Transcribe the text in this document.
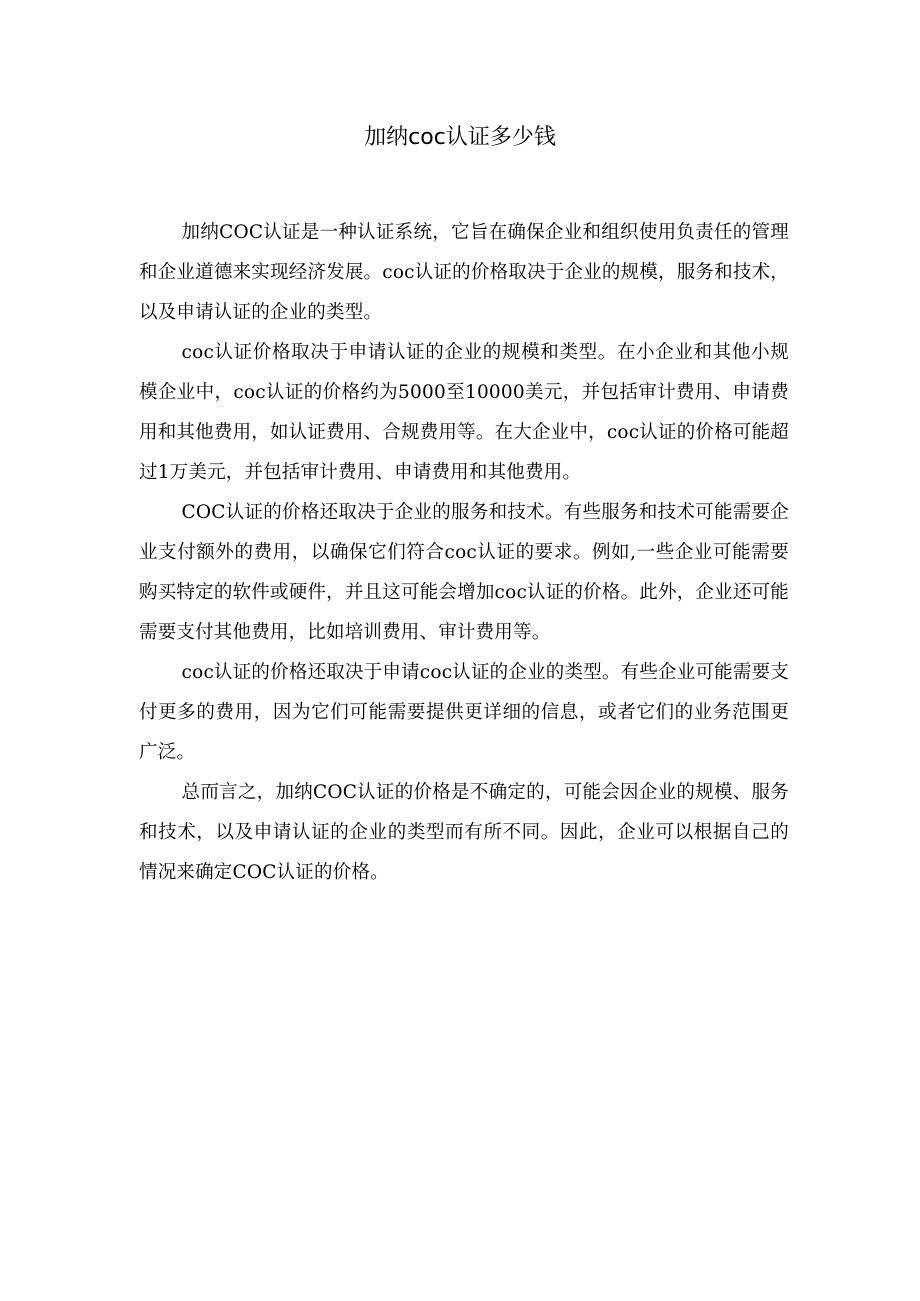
加纳coc认证多少钱

加纳COC认证是一种认证系统，它旨在确保企业和组织使用负责任的管理和企业道德来实现经济发展。coc认证的价格取决于企业的规模，服务和技术，以及申请认证的企业的类型。

coc认证价格取决于申请认证的企业的规模和类型。在小企业和其他小规模企业中，coc认证的价格约为5000至10000美元，并包括审计费用、申请费用和其他费用，如认证费用、合规费用等。在大企业中，coc认证的价格可能超过1万美元，并包括审计费用、申请费用和其他费用。

COC认证的价格还取决于企业的服务和技术。有些服务和技术可能需要企业支付额外的费用，以确保它们符合coc认证的要求。例如,一些企业可能需要购买特定的软件或硬件，并且这可能会增加coc认证的价格。此外，企业还可能需要支付其他费用，比如培训费用、审计费用等。

coc认证的价格还取决于申请coc认证的企业的类型。有些企业可能需要支付更多的费用，因为它们可能需要提供更详细的信息，或者它们的业务范围更广泛。

总而言之，加纳COC认证的价格是不确定的，可能会因企业的规模、服务和技术，以及申请认证的企业的类型而有所不同。因此，企业可以根据自己的情况来确定COC认证的价格。
